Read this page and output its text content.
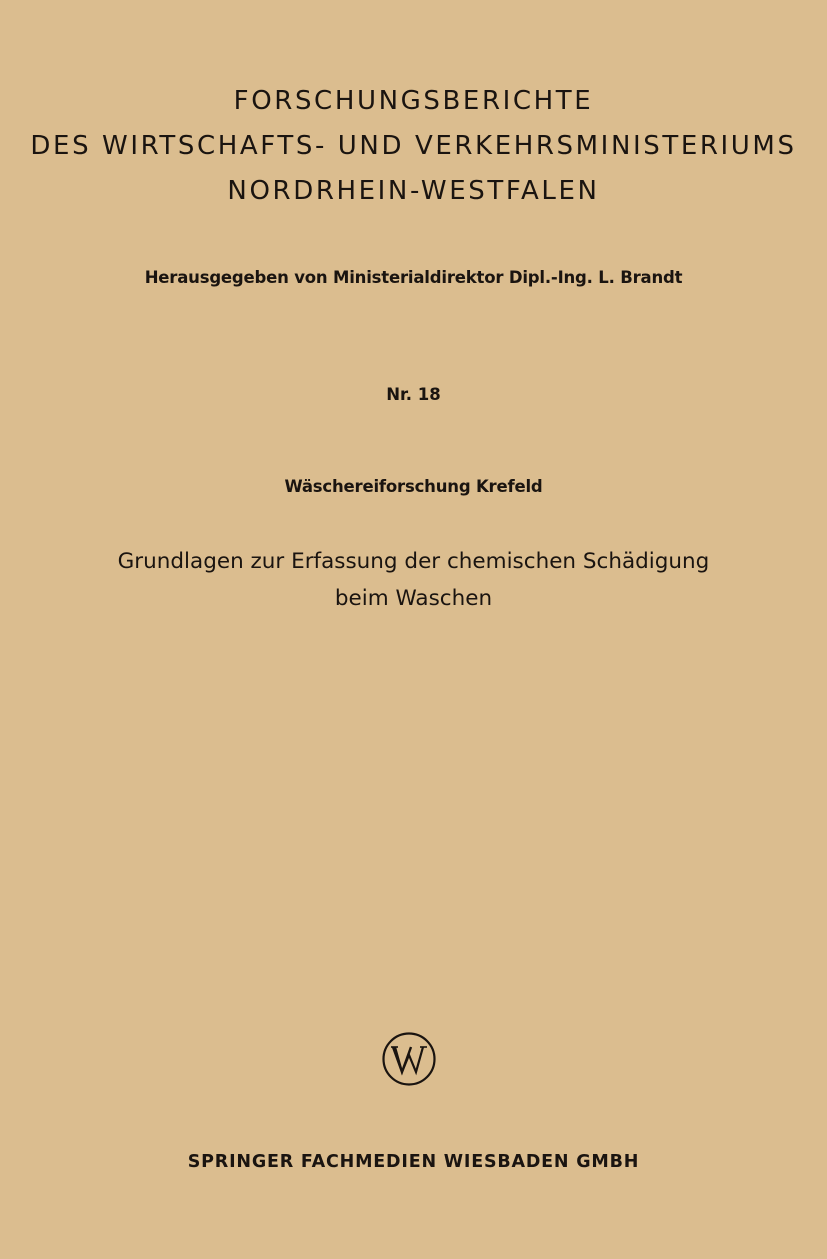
FORSCHUNGSBERICHTE
DES WIRTSCHAFTS- UND VERKEHRSMINISTERIUMS
NORDRHEIN-WESTFALEN
Herausgegeben von Ministerialdirektor Dipl.-Ing. L. Brandt
Nr. 18
Wäschereiforschung Krefeld
Grundlagen zur Erfassung der chemischen Schädigung
beim Waschen
SPRINGER FACHMEDIEN WIESBADEN GMBH
